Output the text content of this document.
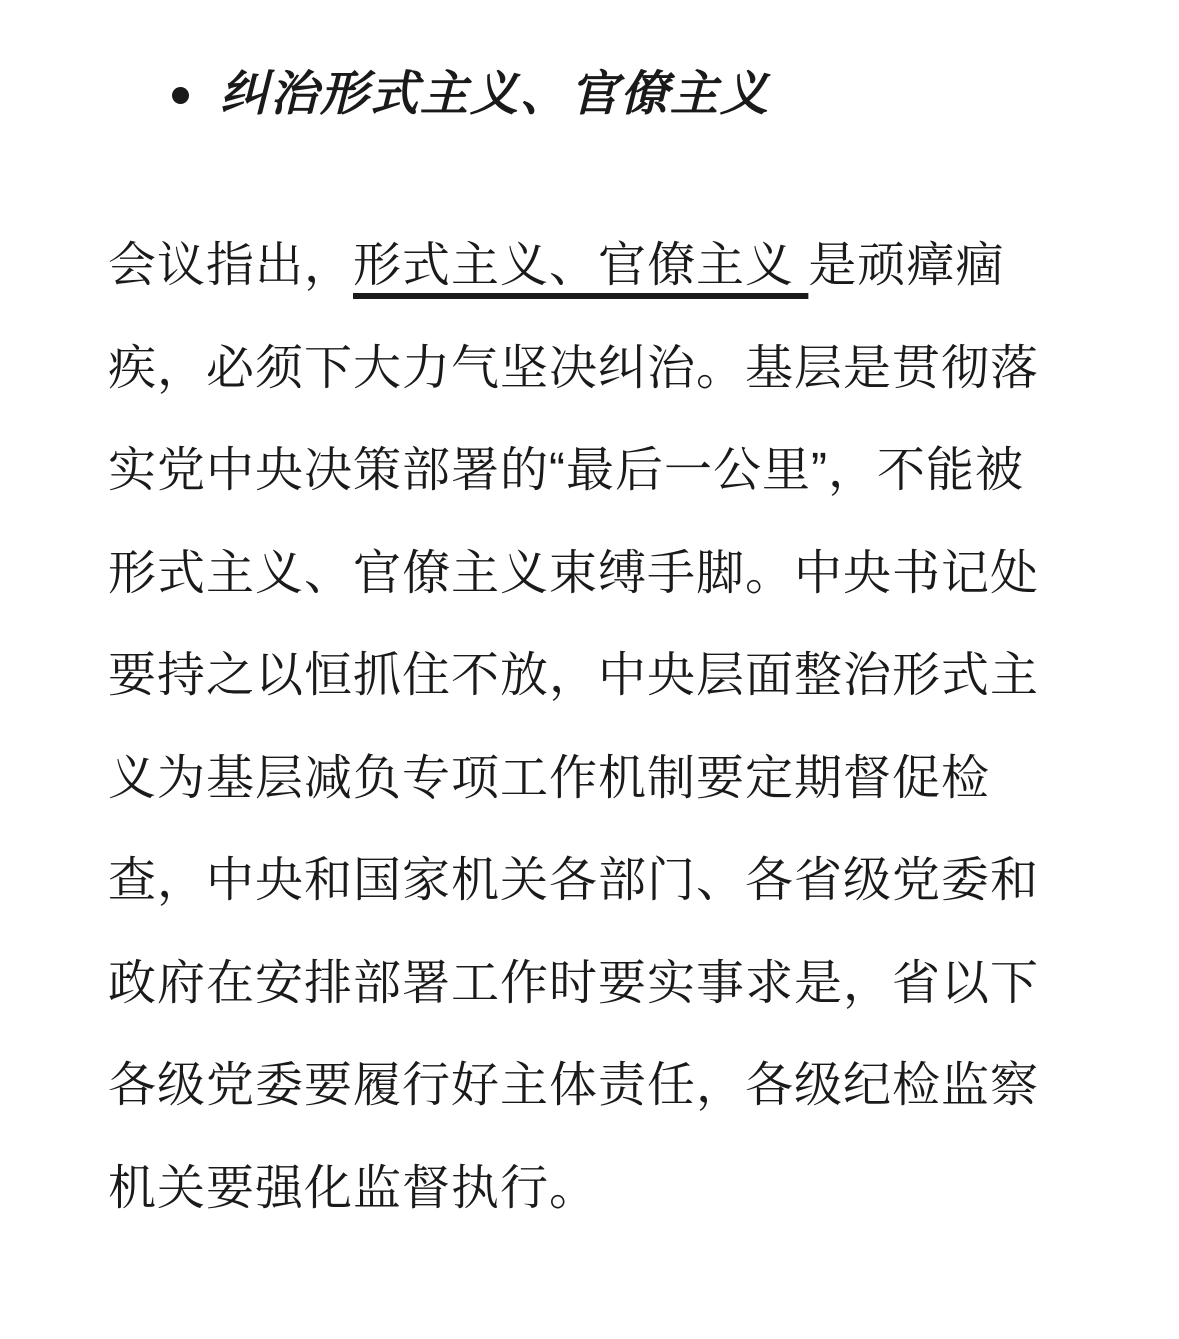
纠治形式主义、官僚主义

会议指出，形式主义、官僚主义 是顽瘴痼疾，必须下大力气坚决纠治。基层是贯彻落实党中央决策部署的“最后一公里”，不能被形式主义、官僚主义束缚手脚。中央书记处要持之以恒抓住不放，中央层面整治形式主义为基层减负专项工作机制要定期督促检查，中央和国家机关各部门、各省级党委和政府在安排部署工作时要实事求是，省以下各级党委要履行好主体责任，各级纪检监察机关要强化监督执行。
